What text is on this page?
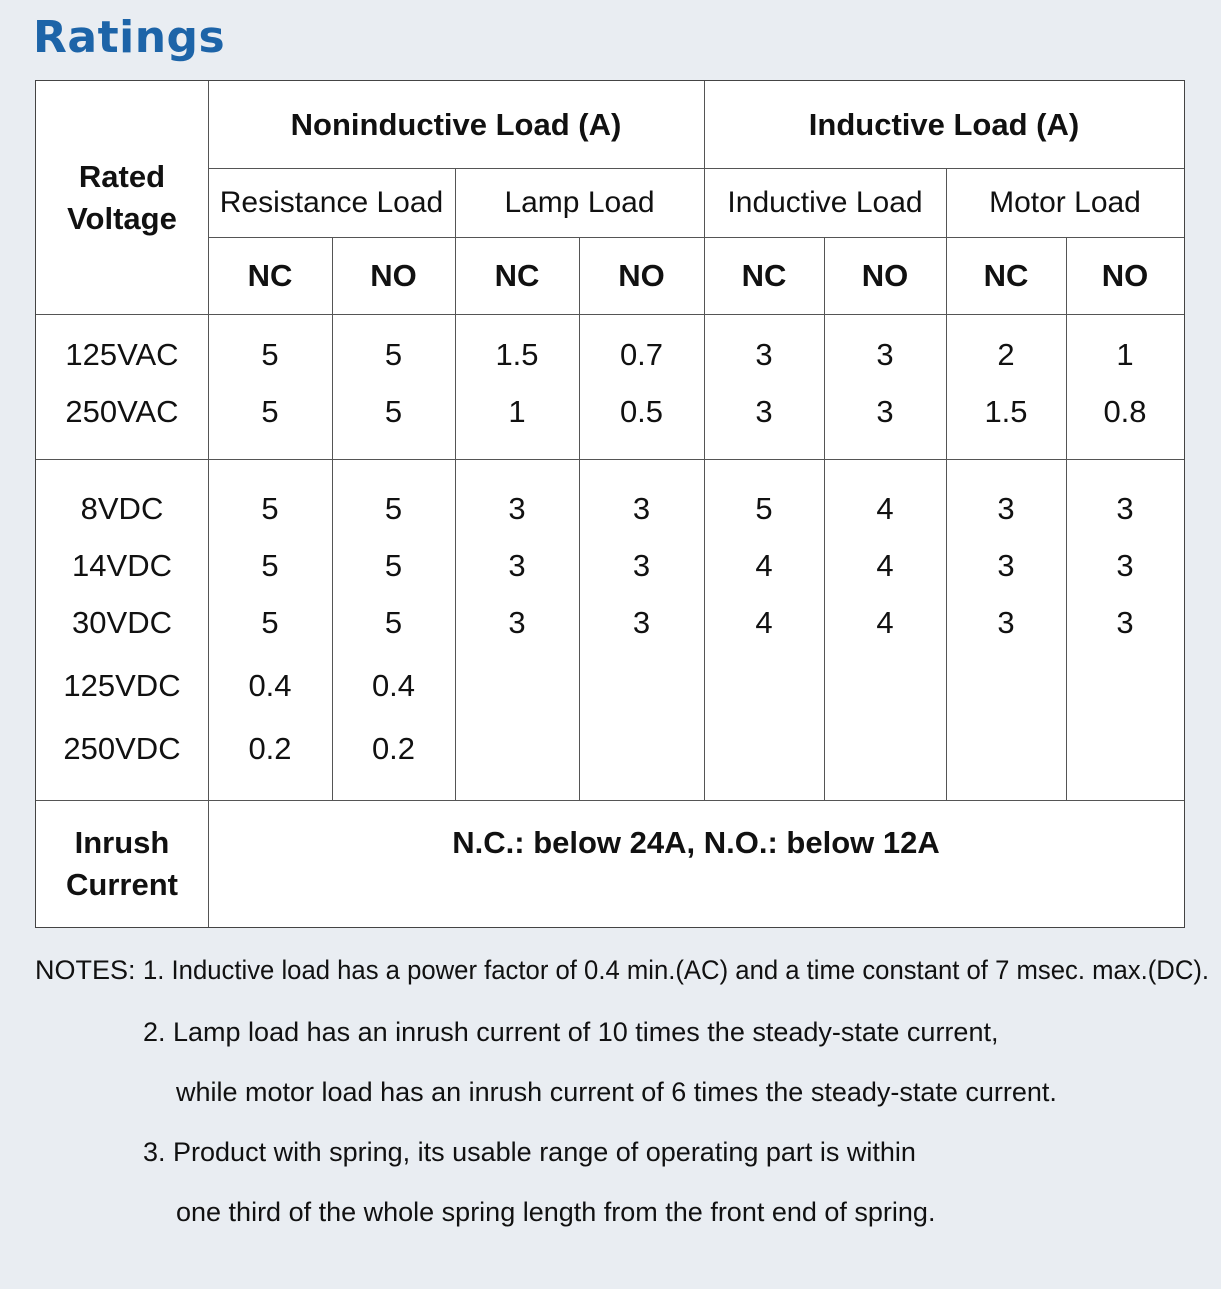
Ratings
Rated
Voltage
Noninductive Load (A)	Inductive Load (A)
Resistance Load	Lamp Load	Inductive Load	Motor Load
NC	NO	NC	NO	NC	NO	NC	NO
125VAC	5	5	1.5	0.7	3	3	2	1
250VAC	5	5	1	0.5	3	3	1.5	0.8
8VDC	5	5	3	3	5	4	3	3
14VDC	5	5	3	3	4	4	3	3
30VDC	5	5	3	3	4	4	3	3
125VDC	0.4	0.4
250VDC	0.2	0.2
Inrush
Current
N.C.: below 24A, N.O.: below 12A
NOTES: 1. Inductive load has a power factor of 0.4 min.(AC) and a time constant of 7 msec. max.(DC).
2. Lamp load has an inrush current of 10 times the steady-state current,
while motor load has an inrush current of 6 times the steady-state current.
3. Product with spring, its usable range of operating part is within
one third of the whole spring length from the front end of spring.
